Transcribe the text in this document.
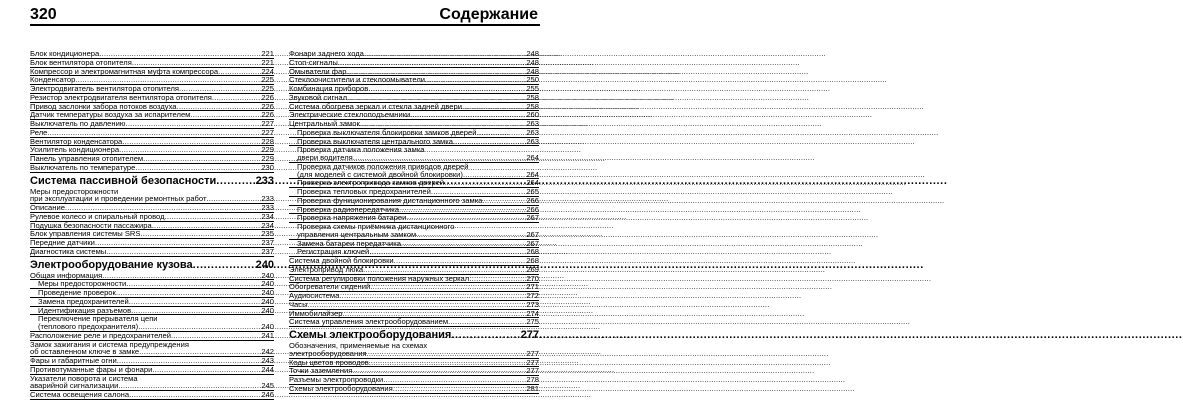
320	Содержание
Блок кондиционера .....	221
Блок вентилятора отопителя .....	221
Компрессор и электромагнитная муфта компрессора .....	224
Конденсатор .....	225
Электродвигатель вентилятора отопителя .....	225
Резистор электродвигателя вентилятора отопителя .....	226
Привод заслонки забора потоков воздуха .....	226
Датчик температуры воздуха за испарителем .....	226
Выключатель по давлению .....	227
Реле .....	227
Вентилятор конденсатора .....	228
Усилитель кондиционера .....	229
Панель управления отопителем .....	229
Выключатель по температуре .....	230
Система пассивной безопасности .....	233
Меры предосторожности
при эксплуатации и проведении ремонтных работ .....	233
Описание .....	233
Рулевое колесо и спиральный провод .....	234
Подушка безопасности пассажира .....	234
Блок управления системы SRS .....	235
Передние датчики .....	237
Диагностика системы .....	237
Электрооборудование кузова .....	240
Общая информация .....	240
Меры предосторожности .....	240
Проведение проверок .....	240
Замена предохранителей .....	240
Идентификация разъемов .....	240
Переключение прерывателя цепи
(теплового предохранителя) .....	240
Расположение реле и предохранителей .....	241
Замок зажигания и система предупреждения
об оставленном ключе в замке .....	242
Фары и габаритные огни .....	243
Противотуманные фары и фонари .....	244
Указатели поворота и система
аварийной сигнализации .....	245
Система освещения салона .....	246
Фонари заднего хода .....	248
Стоп-сигналы .....	248
Омыватели фар .....	248
Стеклоочистители и стеклоомыватели .....	250
Комбинация приборов .....	255
Звуковой сигнал .....	258
Система обогрева зеркал и стекла задней двери .....	258
Электрические стеклоподъемники .....	260
Центральный замок .....	263
Проверка выключателя блокировки замков дверей .....	263
Проверка выключателя центрального замка .....	263
Проверка датчика положения замка
двери водителя .....	264
Проверка датчиков положения приводов дверей
(для моделей с системой двойной блокировки) .....	264
Проверка электропривода замков дверей .....	264
Проверка тепловых предохранителей .....	265
Проверка функционирования дистанционного замка .....	266
Проверка радиопередатчика .....	266
Проверка напряжения батареи .....	267
Проверка схемы приёмника дистанционного
управления центральным замком .....	267
Замена батареи передатчика .....	267
Регистрация ключей .....	268
Система двойной блокировки .....	268
Электропривод люка .....	269
Система регулировки положения наружных зеркал .....	270
Обогреватели сидений .....	271
Аудиосистема .....	272
Часы .....	273
Иммобилайзер .....	274
Система управления электрооборудованием .....	275
Схемы электрооборудования .....	277
Обозначения, применяемые на схемах
электрооборудования .....	277
Коды цветов проводов .....	277
Точки заземления .....	277
Разъемы электропроводки .....	278
Схемы электрооборудования .....	281
